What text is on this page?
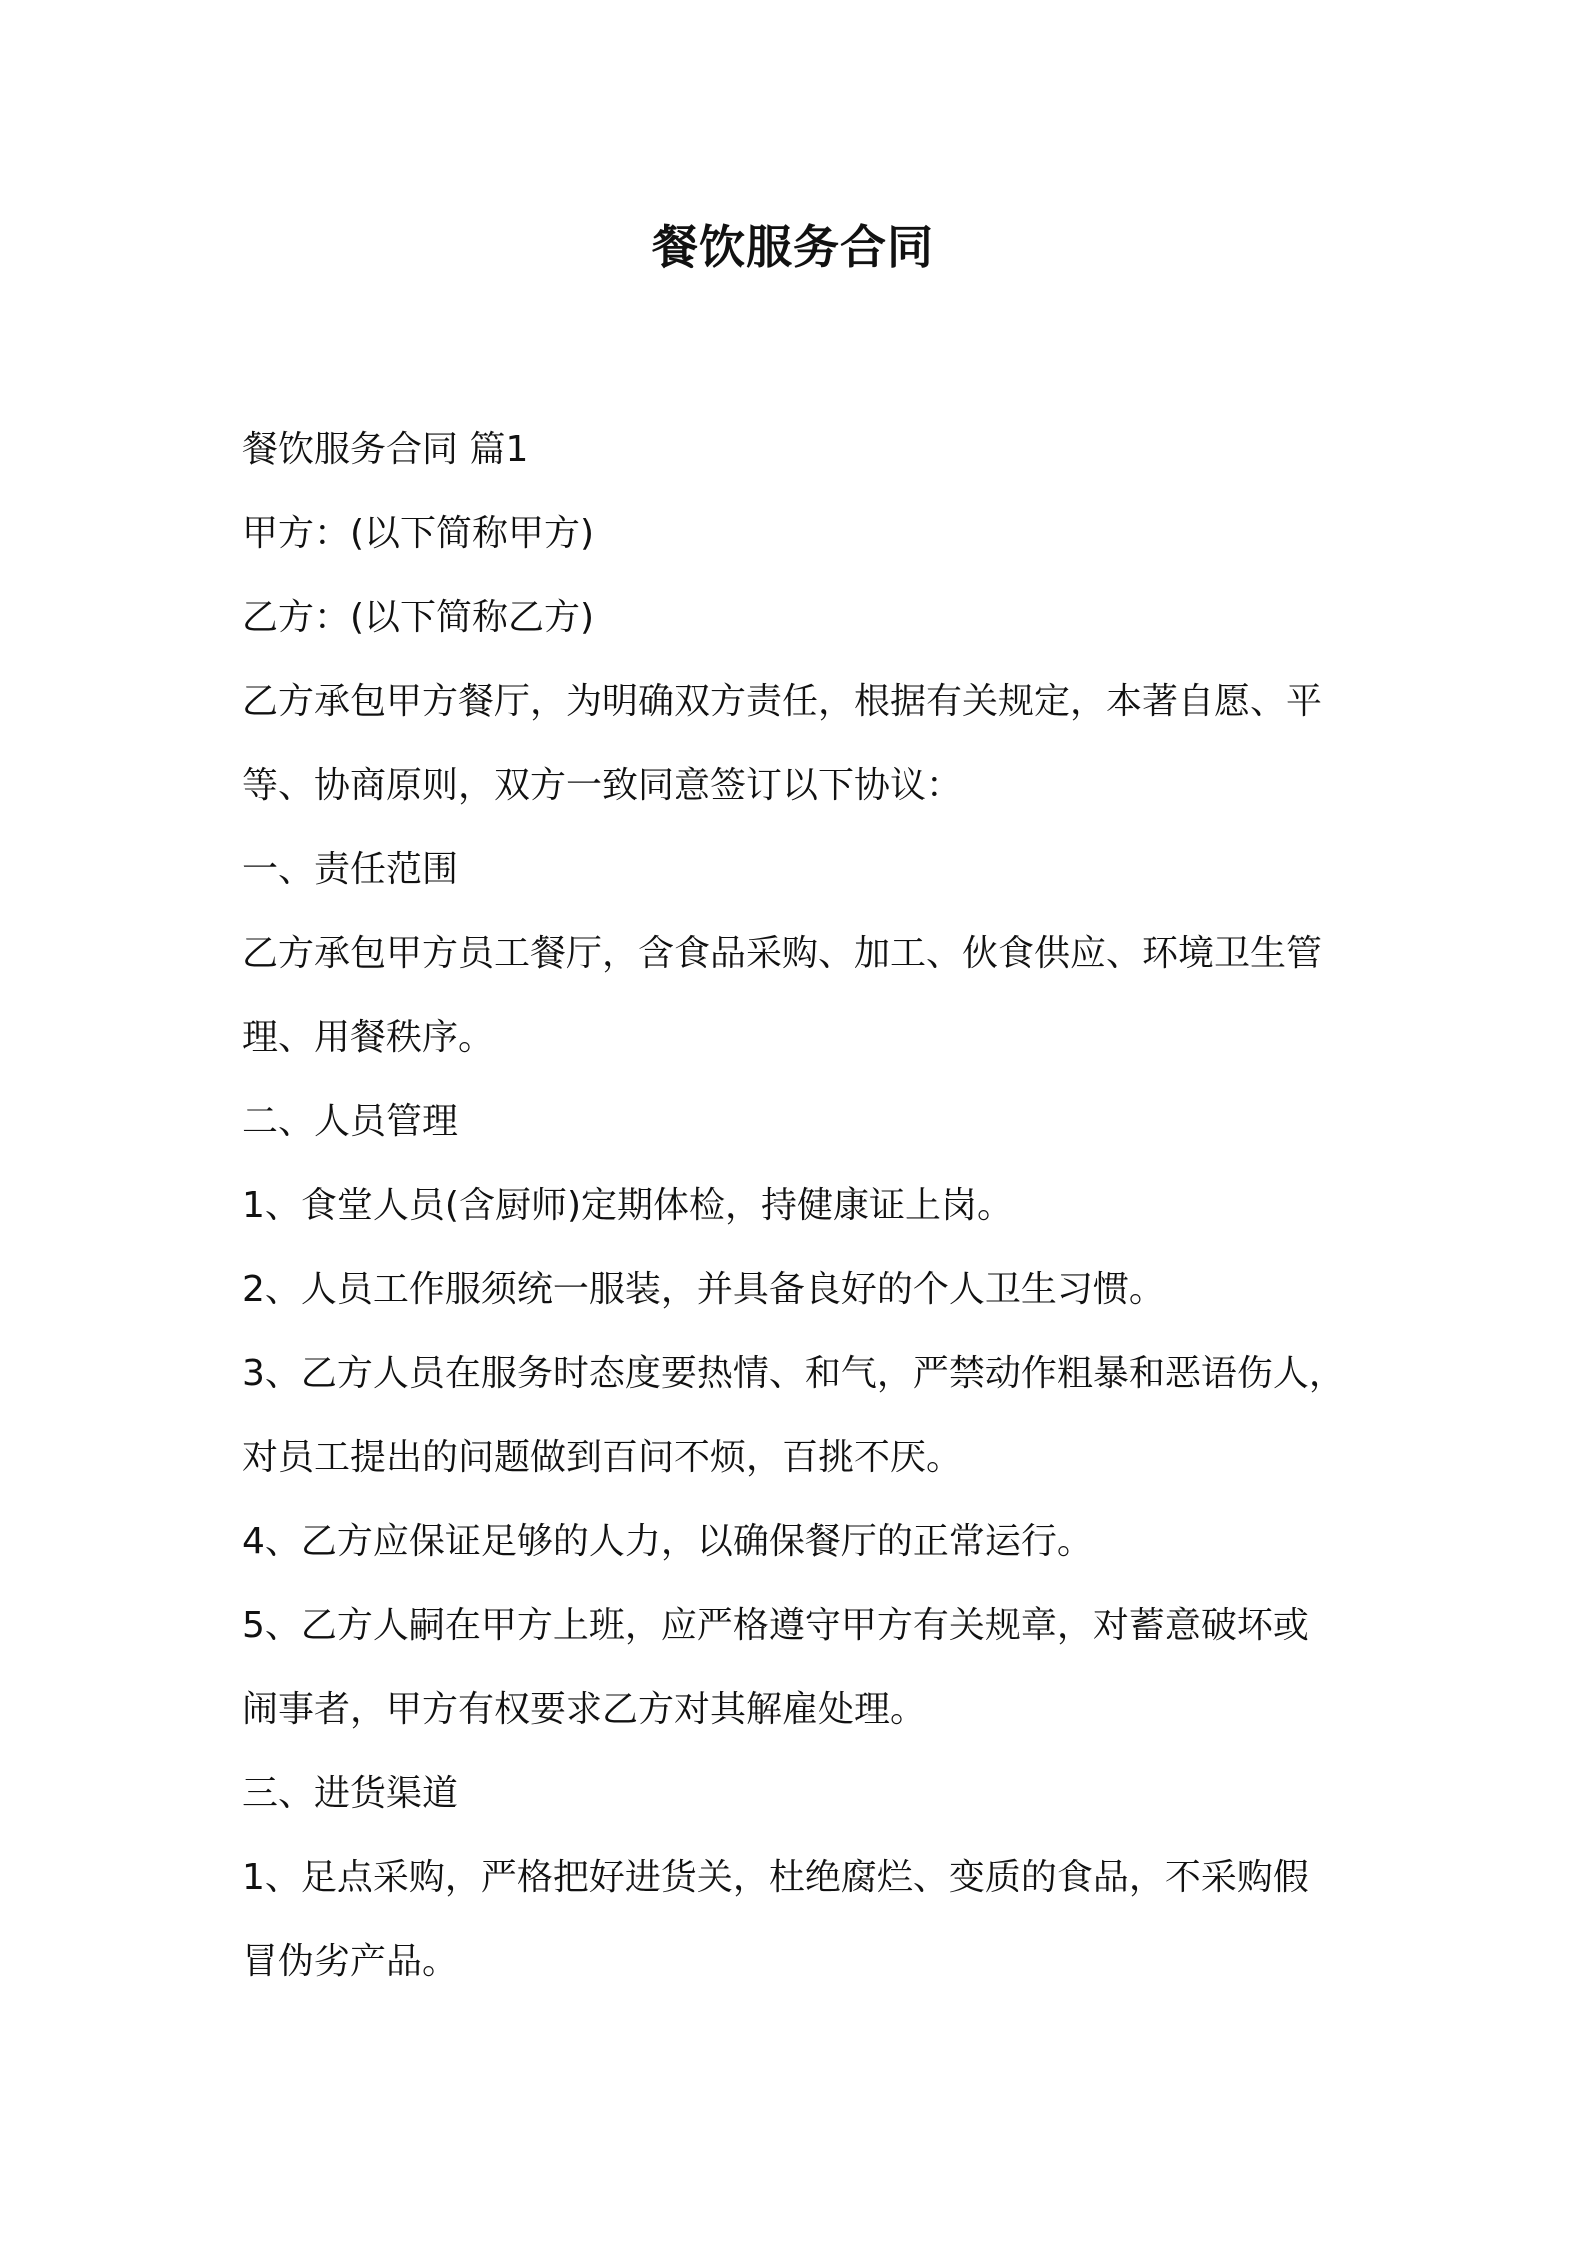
餐饮服务合同

餐饮服务合同 篇1

甲方：(以下简称甲方)

乙方：(以下简称乙方)

乙方承包甲方餐厅，为明确双方责任，根据有关规定，本著自愿、平

等、协商原则，双方一致同意签订以下协议：

一、责任范围

乙方承包甲方员工餐厅，含食品采购、加工、伙食供应、环境卫生管

理、用餐秩序。

二、人员管理

1、食堂人员(含厨师)定期体检，持健康证上岗。

2、人员工作服须统一服装，并具备良好的个人卫生习惯。

3、乙方人员在服务时态度要热情、和气，严禁动作粗暴和恶语伤人，

对员工提出的问题做到百问不烦，百挑不厌。

4、乙方应保证足够的人力，以确保餐厅的正常运行。

5、乙方人嗣在甲方上班，应严格遵守甲方有关规章，对蓄意破坏或

闹事者，甲方有权要求乙方对其解雇处理。

三、进货渠道

1、足点采购，严格把好进货关，杜绝腐烂、变质的食品，不采购假

冒伪劣产品。
